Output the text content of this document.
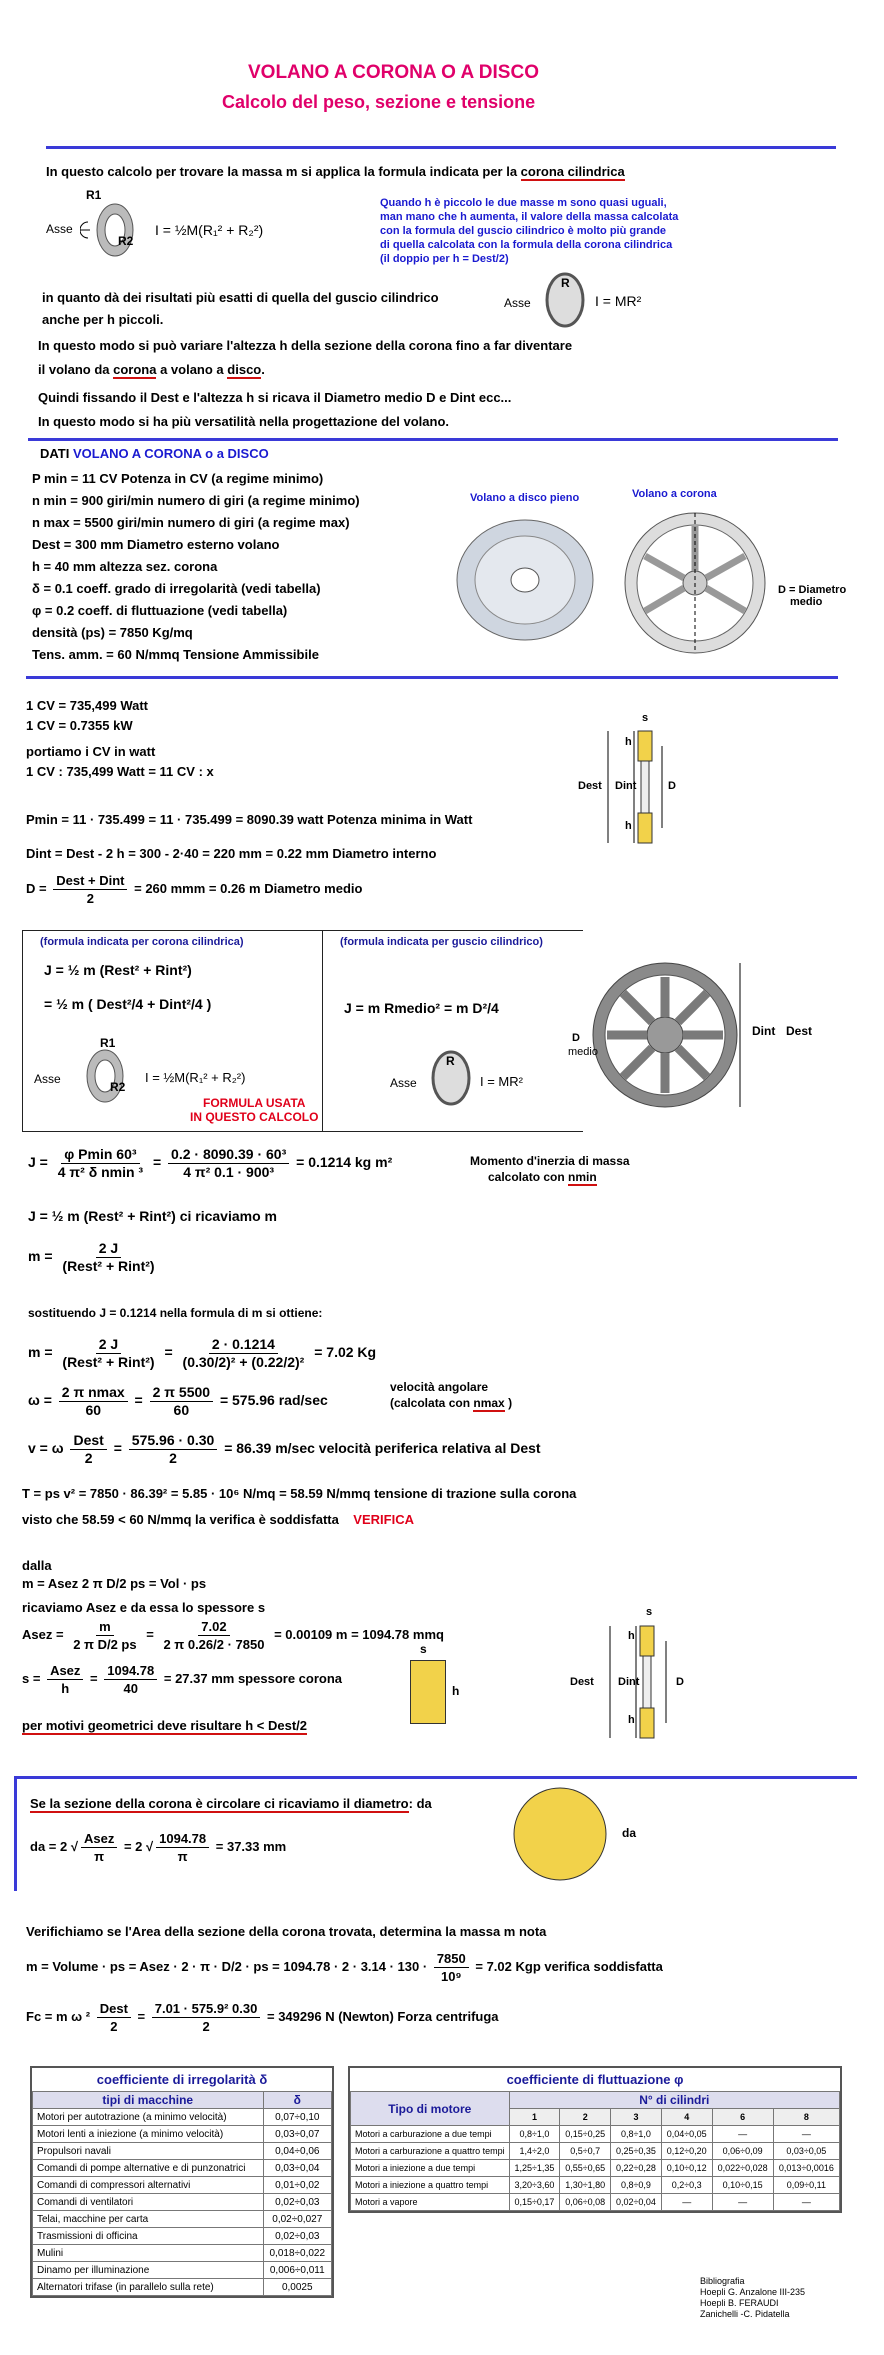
VOLANO A CORONA O A DISCO
Calcolo del peso, sezione e tensione
In questo calcolo per trovare la massa m si applica la formula indicata per la corona cilindrica
Asse
R1
R2
I = ½M(R₁² + R₂²)
Quando h è piccolo le due masse m sono quasi uguali,
man mano che h aumenta, il valore della massa calcolata
con la formula del guscio cilindrico è molto più grande
di quella calcolata con la formula della corona cilindrica
(il doppio per h = Dest/2)
in quanto dà dei risultati più esatti di quella del guscio cilindrico
anche per h piccoli.
Asse
R
I = MR²
In questo modo si può variare l'altezza h della sezione della corona fino a far diventare
il volano da corona a volano a disco.
Quindi fissando il Dest e l'altezza h si ricava il Diametro medio D e Dint ecc...
In questo modo si ha più versatilità nella progettazione del volano.
DATI VOLANO A CORONA o a DISCO
P min = 11 CV Potenza in CV (a regime minimo)
n min = 900 giri/min numero di giri (a regime minimo)
n max = 5500 giri/min numero di giri (a regime max)
Dest = 300 mm Diametro esterno volano
h = 40 mm altezza sez. corona
δ = 0.1 coeff. grado di irregolarità (vedi tabella)
φ = 0.2 coeff. di fluttuazione (vedi tabella)
densità (ps) = 7850 Kg/mq
Tens. amm. = 60 N/mmq Tensione Ammissibile
Volano a disco pieno	Volano a corona
D = Diametro
medio
1 CV = 735,499 Watt
1 CV = 0.7355 kW
portiamo i CV in watt
1 CV : 735,499 Watt = 11 CV : x
Pmin = 11 · 735.499 = 11 · 735.499 = 8090.39 watt Potenza minima in Watt
Dint = Dest - 2 h = 300 - 2·40 = 220 mm = 0.22 mm Diametro interno
$D = \frac{\text{Dest + Dint}}{2} = 260$ mmm = 0.26 m Diametro medio
s
h
h
Dest Dint	D
(formula indicata per corona cilindrica)	(formula indicata per guscio cilindrico)
J = ½ m (Rest² + Rint²)
= ½ m ( Dest²/4 + Dint²/4 )	J = m Rmedio² = m D²/4
Asse
R1
R2
I = ½M(R₁² + R₂²)
FORMULA USATA
IN QUESTO CALCOLO
Asse
R
I = MR²
D
medio
Dint Dest
$J = \frac{\text{φ Pmin 60³}}{\text{4 π² δ nmin ³}} = \frac{\text{0.2 · 8090.39 · 60³}}{\text{4 π² 0.1 · 900³}} = 0.1214$ kg m²	Momento d'inerzia di massa
calcolato con nmin
J = ½ m (Rest² + Rint²) ci ricaviamo m
$m = \frac{2 J}{\text{(Rest² + Rint²)}}$
sostituendo J = 0.1214 nella formula di m si ottiene:
$m = \frac{2 J}{\text{(Rest² + Rint²)}} = \frac{2 \cdot 0.1214}{\text{(0.30/2)² + (0.22/2)²}} = 7.02$ Kg
$\omega = \frac{\text{2 π nmax}}{60} = \frac{2 \pi 5500}{60} = 575.96$ rad/sec
velocità angolare
(calcolata con nmax )
v = ω $\frac{\text{Dest}}{2} = \frac{575.96 \cdot 0.30}{2} = 86.39$ m/sec velocità periferica relativa al Dest
T = ps v² = 7850 · 86.39² = 5.85 · 10⁶ N/mq = 58.59 N/mmq tensione di trazione sulla corona
visto che 58.59 < 60 N/mmq la verifica è soddisfatta VERIFICA
dalla
m = Asez 2 π D/2 ps = Vol · ps
ricaviamo Asez e da essa lo spessore s
Asez = $\frac{m}{\text{2 π D/2 ps}} = \frac{7.02}{2 \pi 0.26/2 \cdot 7850} = 0.00109$ m = 1094.78 mmq
$s = \frac{\text{Asez}}{h} = \frac{1094.78}{40} = 27.37$ mm spessore corona
per motivi geometrici deve risultare h < Dest/2
s
h
s
h
h
Dest Dint	D
Se la sezione della corona è circolare ci ricaviamo il diametro: da
da = 2 √ $\frac{\text{Asez}}{\pi} = 2$ √ $\frac{1094.78}{\pi} = 37.33$ mm
da
Verifichiamo se l'Area della sezione della corona trovata, determina la massa m nota
m = Volume · ps = Asez · 2 · π · D/2 · ps = $1094.78 \cdot 2 \cdot 3.14 \cdot 130 \cdot \frac{7850}{\text{10⁹}} = 7.02$ Kgp verifica soddisfatta
Fc = m ω $^2 \frac{\text{Dest}}{2} = \frac{\text{7.01 · 575.9² 0.30}}{2} = 349296$ N (Newton) Forza centrifuga
coefficiente di irregolarità δ
tipi di macchine	δ
Motori per autotrazione (a minimo velocità)	0,07÷0,10
Motori lenti a iniezione (a minimo velocità)	0,03÷0,07
Propulsori navali	0,04÷0,06
Comandi di pompe alternative e di punzonatrici	0,03÷0,04
Comandi di compressori alternativi	0,01÷0,02
Comandi di ventilatori	0,02÷0,03
Telai, macchine per carta	0,02÷0,027
Trasmissioni di officina	0,02÷0,03
Mulini	0,018÷0,022
Dinamo per illuminazione	0,006÷0,011
Alternatori trifase (in parallelo sulla rete)	0,0025
coefficiente di fluttuazione φ
Tipo di motore	N° di cilindri					
	1	2	3	4	6	8
Motori a carburazione a due tempi	0,8÷1,0	0,15÷0,25	0,8÷1,0	0,04÷0,05	—	—
Motori a carburazione a quattro tempi	1,4÷2,0	0,5÷0,7	0,25÷0,35	0,12÷0,20	0,06÷0,09	0,03÷0,05
Motori a iniezione a due tempi	1,25÷1,35	0,55÷0,65	0,22÷0,28	0,10÷0,12	0,022÷0,028	0,013÷0,0016
Motori a iniezione a quattro tempi	3,20÷3,60	1,30÷1,80	0,8÷0,9	0,2÷0,3	0,10÷0,15	0,09÷0,11
Motori a vapore	0,15÷0,17	0,06÷0,08	0,02÷0,04	—	—	—
Bibliografia
Hoepli G. Anzalone III-235
Hoepli B. FERAUDI
Zanichelli -C. Pidatella
